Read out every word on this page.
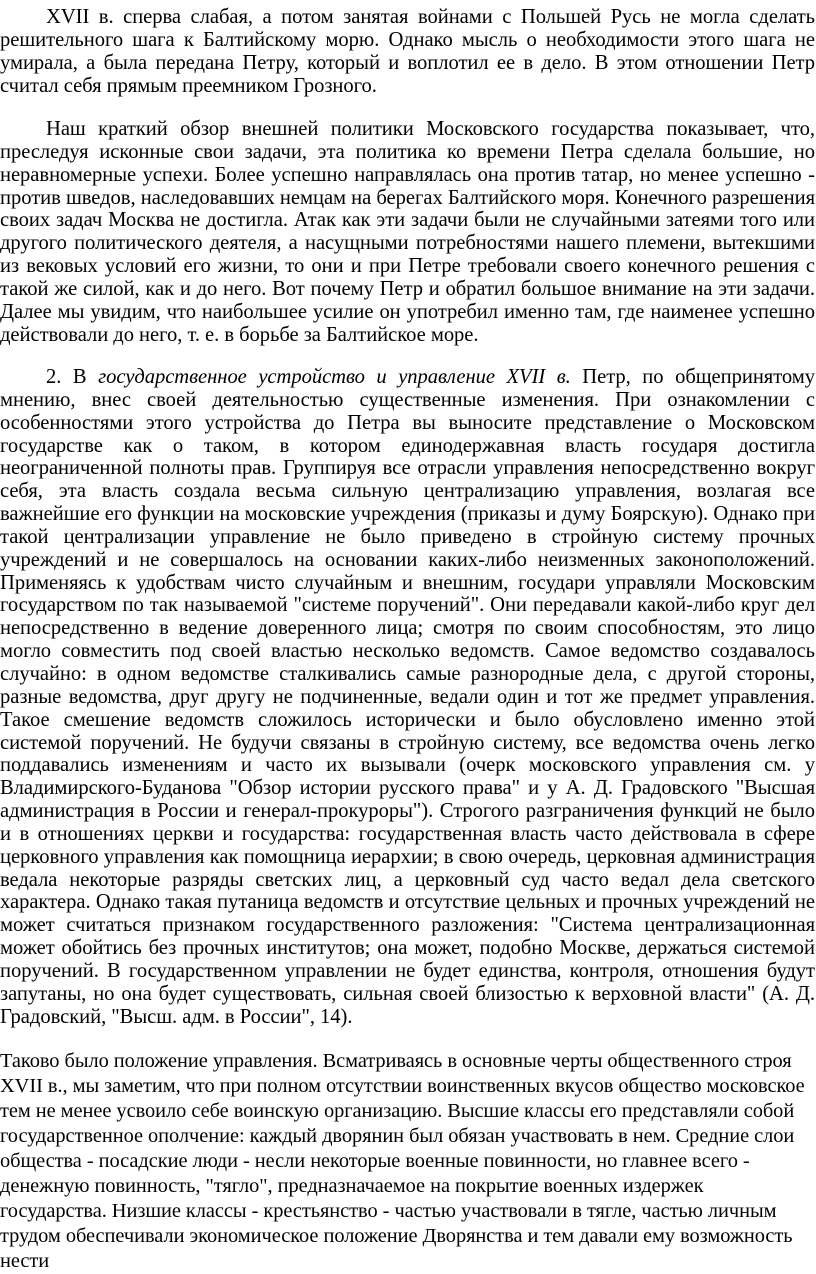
XVII в. сперва слабая, а потом занятая войнами с Польшей Русь не могла сделать решительного шага к Балтийскому морю. Однако мысль о необходимости этого шага не умирала, а была передана Петру, который и воплотил ее в дело. В этом отношении Петр считал себя прямым преемником Грозного.

Наш краткий обзор внешней политики Московского государства показывает, что, преследуя исконные свои задачи, эта политика ко времени Петра сделала большие, но неравномерные успехи. Более успешно направлялась она против татар, но менее успешно - против шведов, наследовавших немцам на берегах Балтийского моря. Конечного разрешения своих задач Москва не достигла. Атак как эти задачи были не случайными затеями того или другого политического деятеля, а насущными потребностями нашего племени, вытекшими из вековых условий его жизни, то они и при Петре требовали своего конечного решения с такой же силой, как и до него. Вот почему Петр и обратил большое внимание на эти задачи. Далее мы увидим, что наибольшее усилие он употребил именно там, где наименее успешно действовали до него, т. е. в борьбе за Балтийское море.

2. В государственное устройство и управление XVII в. Петр, по общепринятому мнению, внес своей деятельностью существенные изменения. При ознакомлении с особенностями этого устройства до Петра вы выносите представление о Московском государстве как о таком, в котором единодержавная власть государя достигла неограниченной полноты прав. Группируя все отрасли управления непосредственно вокруг себя, эта власть создала весьма сильную централизацию управления, возлагая все важнейшие его функции на московские учреждения (приказы и думу Боярскую). Однако при такой централизации управление не было приведено в стройную систему прочных учреждений и не совершалось на основании каких-либо неизменных законоположений. Применяясь к удобствам чисто случайным и внешним, государи управляли Московским государством по так называемой "системе поручений". Они передавали какой-либо круг дел непосредственно в ведение доверенного лица; смотря по своим способностям, это лицо могло совместить под своей властью несколько ведомств. Самое ведомство создавалось случайно: в одном ведомстве сталкивались самые разнородные дела, с другой стороны, разные ведомства, друг другу не подчиненные, ведали один и тот же предмет управления. Такое смешение ведомств сложилось исторически и было обусловлено именно этой системой поручений. Не будучи связаны в стройную систему, все ведомства очень легко поддавались изменениям и часто их вызывали (очерк московского управления см. у Владимирского-Буданова "Обзор истории русского права" и у А. Д. Градовского "Высшая администрация в России и генерал-прокуроры"). Строгого разграничения функций не было и в отношениях церкви и государства: государственная власть часто действовала в сфере церковного управления как помощница иерархии; в свою очередь, церковная администрация ведала некоторые разряды светских лиц, а церковный суд часто ведал дела светского характера. Однако такая путаница ведомств и отсутствие цельных и прочных учреждений не может считаться признаком государственного разложения: "Система централизационная может обойтись без прочных институтов; она может, подобно Москве, держаться системой поручений. В государственном управлении не будет единства, контроля, отношения будут запутаны, но она будет существовать, сильная своей близостью к верховной власти" (А. Д. Градовский, "Высш. адм. в России", 14).

Таково было положение управления. Всматриваясь в основные черты общественного строя XVII в., мы заметим, что при полном отсутствии воинственных вкусов общество московское тем не менее усвоило себе воинскую организацию. Высшие классы его представляли собой государственное ополчение: каждый дворянин был обязан участвовать в нем. Средние слои общества - посадские люди - несли некоторые военные повинности, но главнее всего - денежную повинность, "тягло", предназначаемое на покрытие военных издержек государства. Низшие классы - крестьянство - частью участвовали в тягле, частью личным трудом обеспечивали экономическое положение Дворянства и тем давали ему возможность нести
